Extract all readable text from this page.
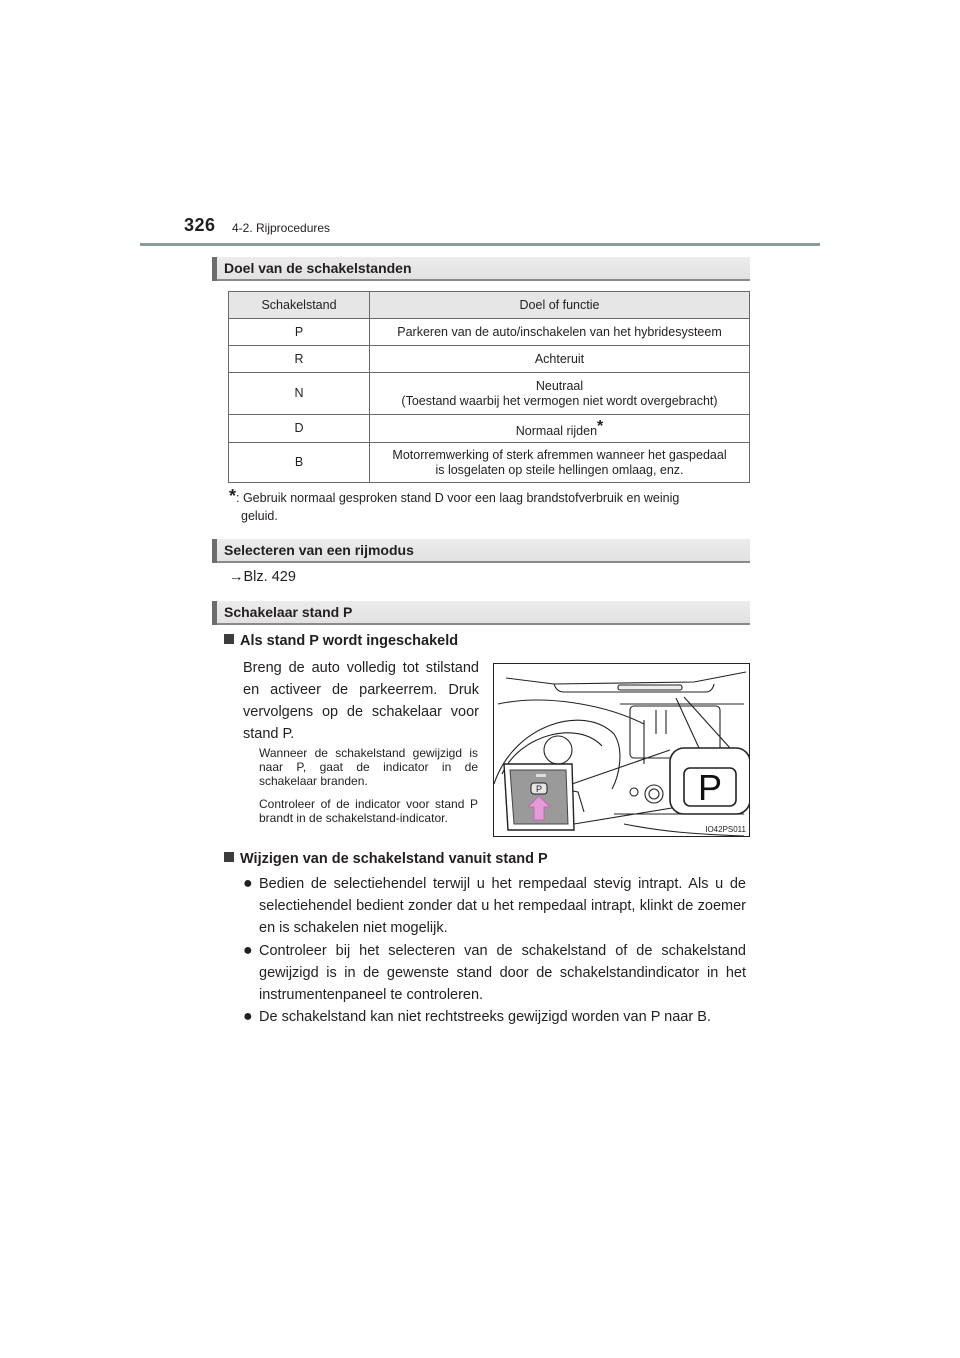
326 4-2. Rijprocedures
Doel van de schakelstanden
Schakelstand	Doel of functie
P	Parkeren van de auto/inschakelen van het hybridesysteem
R	Achteruit
N	Neutraal
(Toestand waarbij het vermogen niet wordt overgebracht)

D	Normaal rijden*
B	Motorremwerking of sterk afremmen wanneer het gaspedaal
is losgelaten op steile hellingen omlaag, enz.
*: Gebruik normaal gesproken stand D voor een laag brandstofverbruik en weinig
geluid.
Selecteren van een rijmodus
→Blz. 429
Schakelaar stand P
Als stand P wordt ingeschakeld
Breng de auto volledig tot stilstand en activeer de parkeerrem. Druk vervolgens op de schakelaar voor stand P.
Wanneer de schakelstand gewijzigd is naar P, gaat de indicator in de schakelaar branden.
Controleer of de indicator voor stand P brandt in de schakelstand-indicator.
P	P
IO42PS011
Wijzigen van de schakelstand vanuit stand P
● Bedien de selectiehendel terwijl u het rempedaal stevig intrapt. Als u de selectiehendel bedient zonder dat u het rempedaal intrapt, klinkt de zoemer en is schakelen niet mogelijk.
● Controleer bij het selecteren van de schakelstand of de schakelstand gewijzigd is in de gewenste stand door de schakelstandindicator in het instrumentenpaneel te controleren.
● De schakelstand kan niet rechtstreeks gewijzigd worden van P naar B.
